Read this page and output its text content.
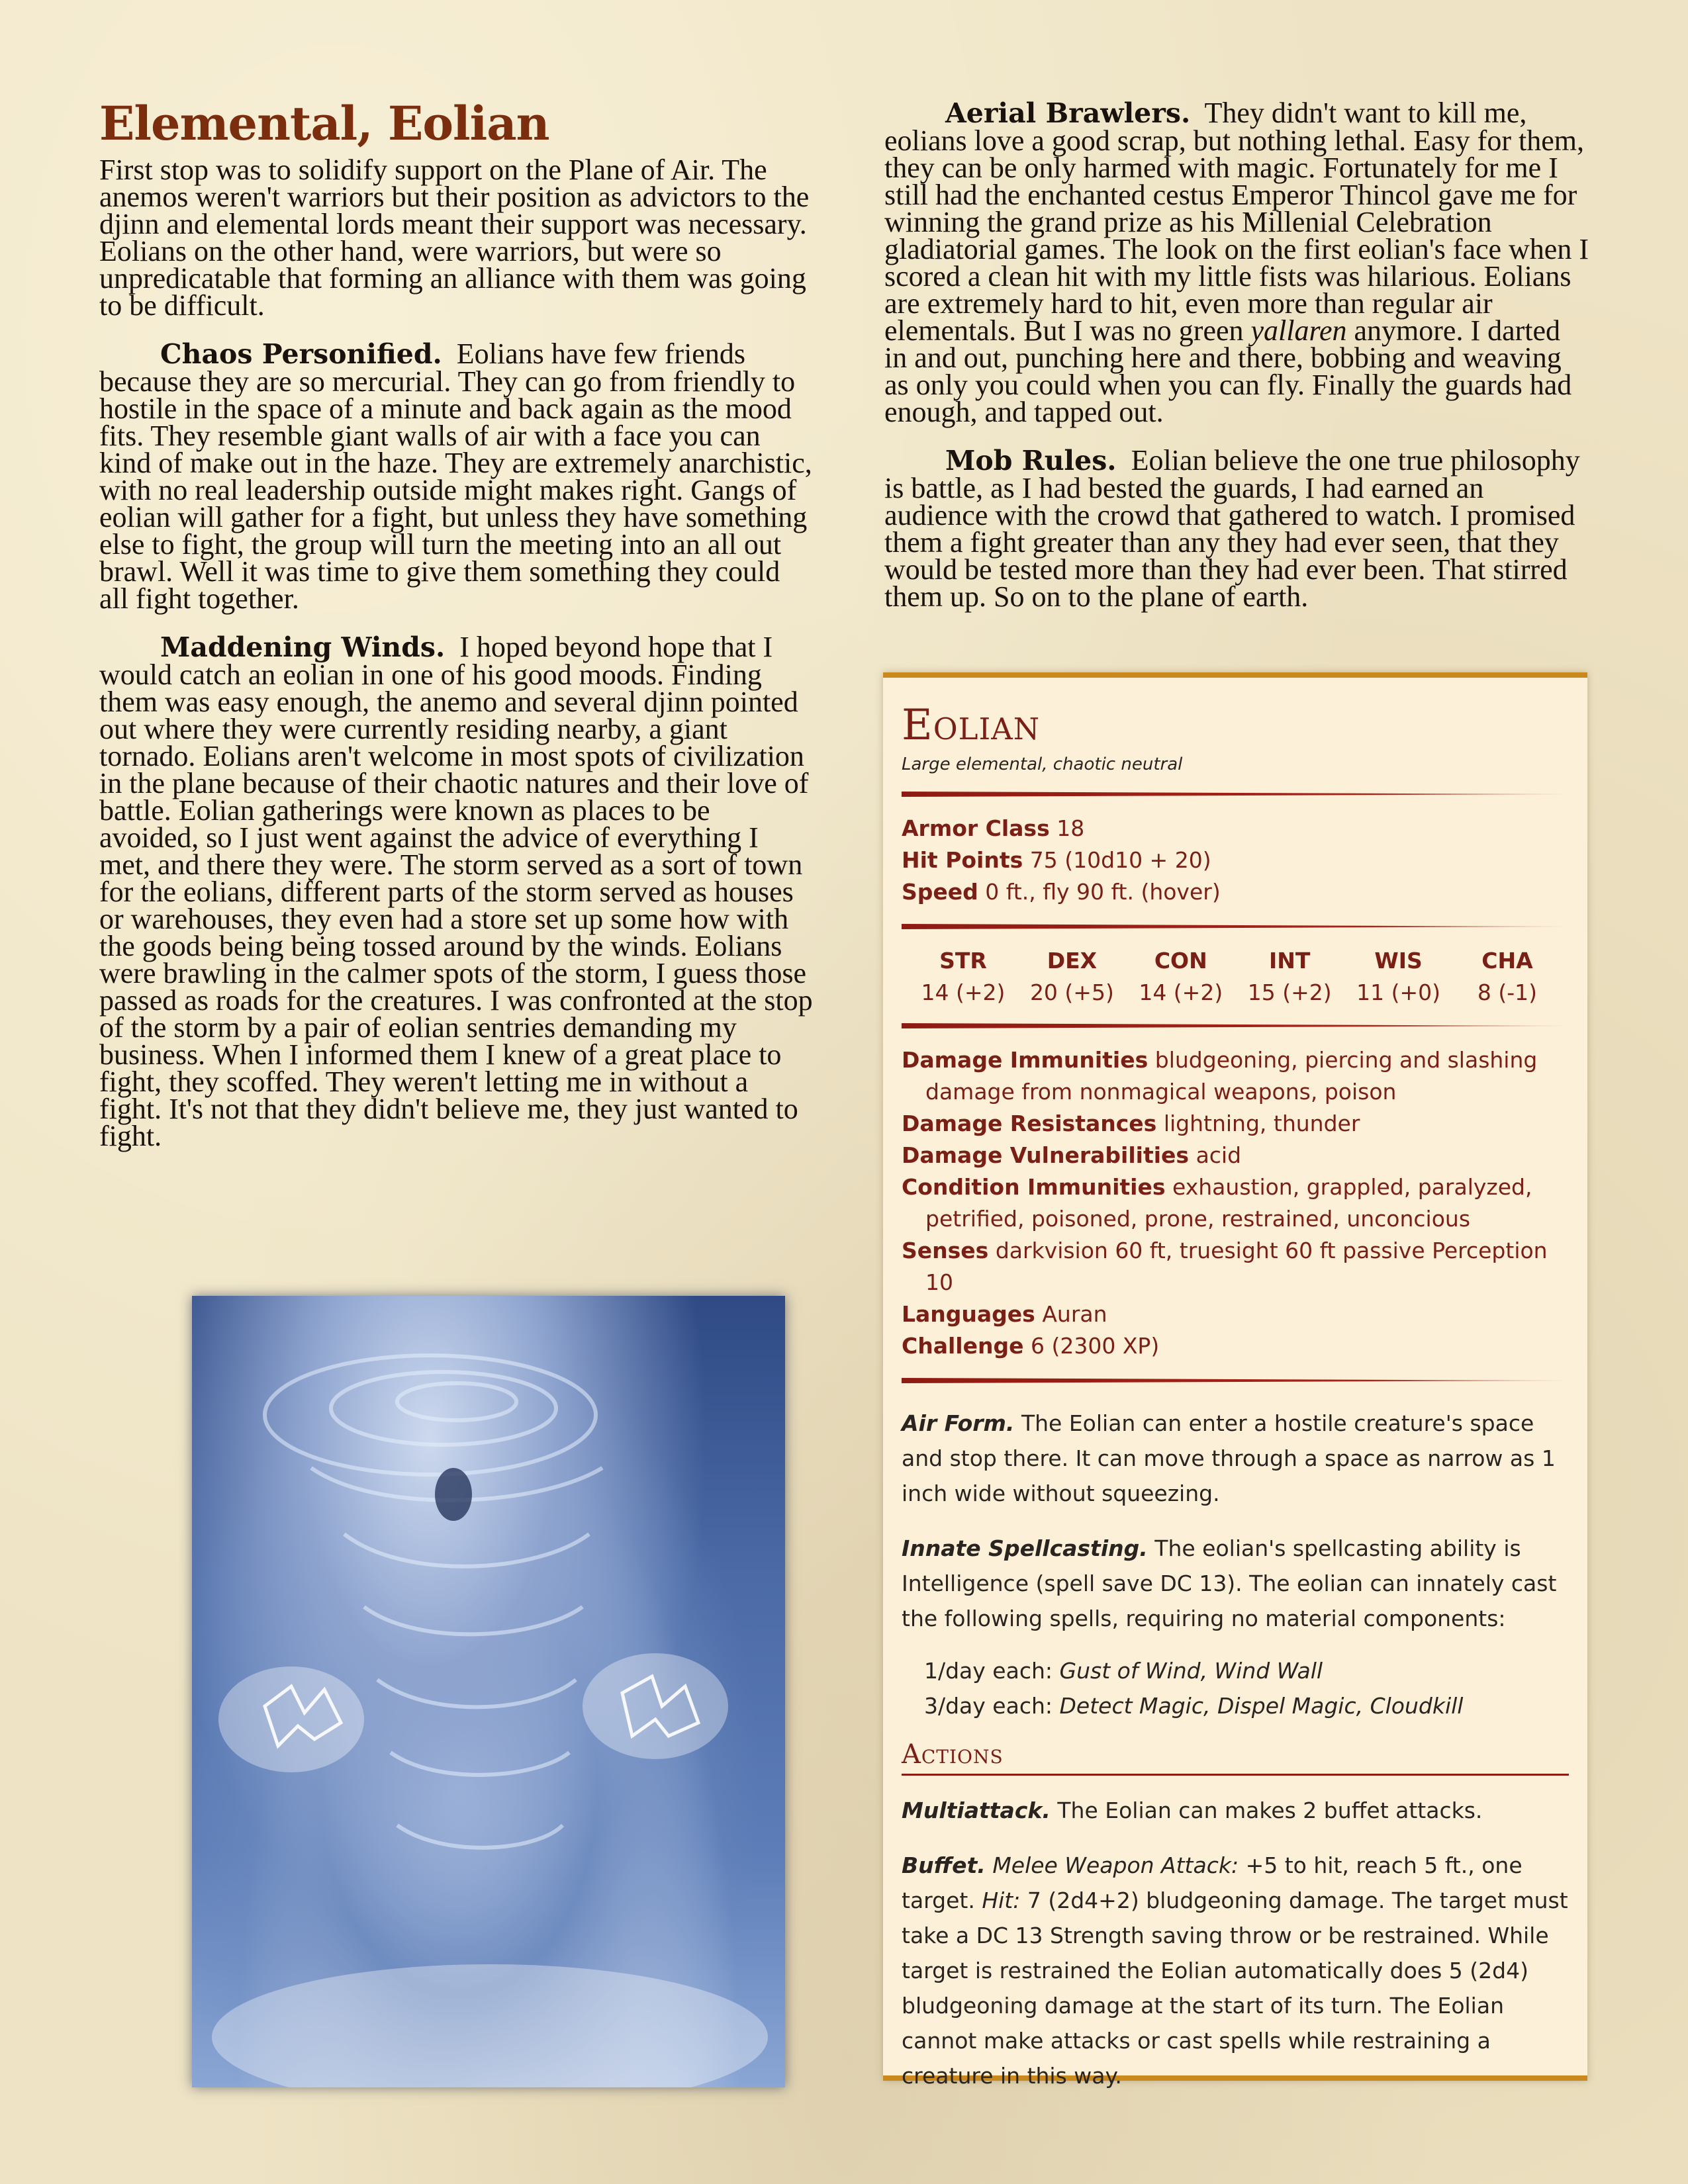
Elemental, Eolian

First stop was to solidify support on the Plane of Air. The anemos weren't warriors but their position as advictors to the djinn and elemental lords meant their support was necessary. Eolians on the other hand, were warriors, but were so unpredicatable that forming an alliance with them was going to be difficult.

Chaos Personified. Eolians have few friends because they are so mercurial. They can go from friendly to hostile in the space of a minute and back again as the mood fits. They resemble giant walls of air with a face you can kind of make out in the haze. They are extremely anarchistic, with no real leadership outside might makes right. Gangs of eolian will gather for a fight, but unless they have something else to fight, the group will turn the meeting into an all out brawl. Well it was time to give them something they could all fight together.

Maddening Winds. I hoped beyond hope that I would catch an eolian in one of his good moods. Finding them was easy enough, the anemo and several djinn pointed out where they were currently residing nearby, a giant tornado. Eolians aren't welcome in most spots of civilization in the plane because of their chaotic natures and their love of battle. Eolian gatherings were known as places to be avoided, so I just went against the advice of everything I met, and there they were. The storm served as a sort of town for the eolians, different parts of the storm served as houses or warehouses, they even had a store set up some how with the goods being being tossed around by the winds. Eolians were brawling in the calmer spots of the storm, I guess those passed as roads for the creatures. I was confronted at the stop of the storm by a pair of eolian sentries demanding my business. When I informed them I knew of a great place to fight, they scoffed. They weren't letting me in without a fight. It's not that they didn't believe me, they just wanted to fight.

Aerial Brawlers. They didn't want to kill me, eolians love a good scrap, but nothing lethal. Easy for them, they can be only harmed with magic. Fortunately for me I still had the enchanted cestus Emperor Thincol gave me for winning the grand prize as his Millenial Celebration gladiatorial games. The look on the first eolian's face when I scored a clean hit with my little fists was hilarious. Eolians are extremely hard to hit, even more than regular air elementals. But I was no green yallaren anymore. I darted in and out, punching here and there, bobbing and weaving as only you could when you can fly. Finally the guards had enough, and tapped out.

Mob Rules. Eolian believe the one true philosophy is battle, as I had bested the guards, I had earned an audience with the crowd that gathered to watch. I promised them a fight greater than any they had ever seen, that they would be tested more than they had ever been. That stirred them up. So on to the plane of earth.

Eolian
Large elemental, chaotic neutral
Armor Class 18
Hit Points 75 (10d10 + 20)
Speed 0 ft., fly 90 ft. (hover)
STR
14 (+2)
DEX
20 (+5)
CON
14 (+2)
INT
15 (+2)
WIS
11 (+0)
CHA
8 (-1)
Damage Immunities bludgeoning, piercing and slashing damage from nonmagical weapons, poison
Damage Resistances lightning, thunder
Damage Vulnerabilities acid
Condition Immunities exhaustion, grappled, paralyzed, petrified, poisoned, prone, restrained, unconcious
Senses darkvision 60 ft, truesight 60 ft passive Perception 10
Languages Auran
Challenge 6 (2300 XP)
Air Form. The Eolian can enter a hostile creature's space and stop there. It can move through a space as narrow as 1 inch wide without squeezing.
Innate Spellcasting. The eolian's spellcasting ability is Intelligence (spell save DC 13). The eolian can innately cast the following spells, requiring no material components:
1/day each: Gust of Wind, Wind Wall
3/day each: Detect Magic, Dispel Magic, Cloudkill
Actions
Multiattack. The Eolian can makes 2 buffet attacks.
Buffet. Melee Weapon Attack: +5 to hit, reach 5 ft., one target. Hit: 7 (2d4+2) bludgeoning damage. The target must take a DC 13 Strength saving throw or be restrained. While target is restrained the Eolian automatically does 5 (2d4) bludgeoning damage at the start of its turn. The Eolian cannot make attacks or cast spells while restraining a creature in this way.
